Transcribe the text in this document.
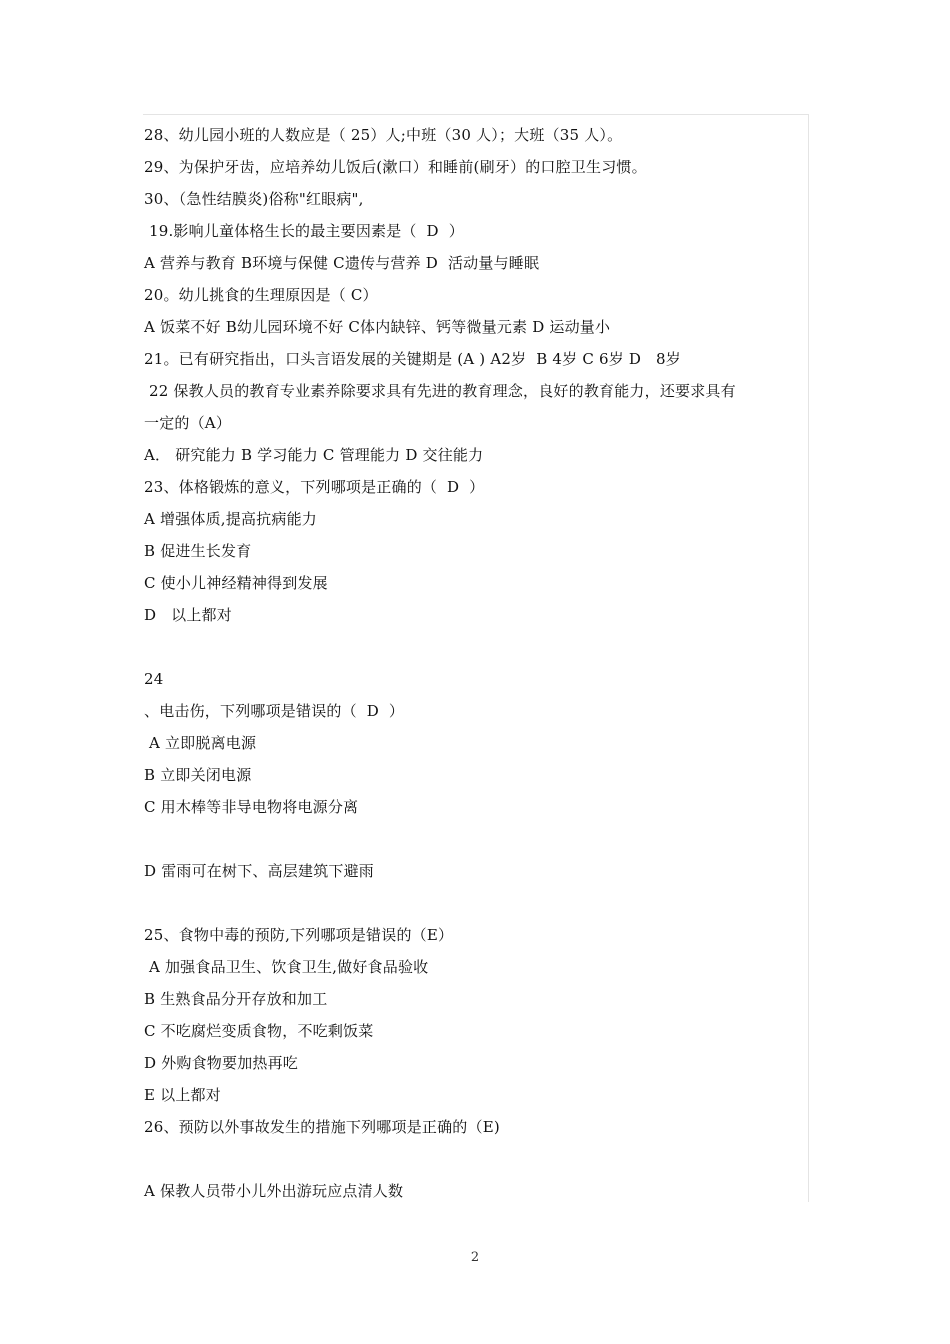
28、幼儿园小班的人数应是（ 25）人;中班（30 人）；大班（35 人）。
29、为保护牙齿，应培养幼儿饭后(漱口）和睡前(刷牙）的口腔卫生习惯。
30、（急性结膜炎)俗称"红眼病",
19.影响儿童体格生长的最主要因素是（  D  ）
A 营养与教育 B环境与保健 C遗传与营养 D  活动量与睡眠
20。幼儿挑食的生理原因是（ C）
A 饭菜不好 B幼儿园环境不好 C体内缺锌、钙等微量元素 D 运动量小
21。已有研究指出，口头言语发展的关键期是 (A ) A2岁  B 4岁 C 6岁 D   8岁
22 保教人员的教育专业素养除要求具有先进的教育理念，良好的教育能力，还要求具有
一定的（A）
A． 研究能力 B 学习能力 C 管理能力 D 交往能力
23、体格锻炼的意义，下列哪项是正确的（  D  ）
A 增强体质,提高抗病能力
B 促进生长发育
C 使小儿神经精神得到发展
D   以上都对
24
、电击伤，下列哪项是错误的（  D  ）
A 立即脱离电源
B 立即关闭电源
C 用木棒等非导电物将电源分离
D 雷雨可在树下、高层建筑下避雨
25、食物中毒的预防,下列哪项是错误的（E）
A 加强食品卫生、饮食卫生,做好食品验收
B 生熟食品分开存放和加工
C 不吃腐烂变质食物，不吃剩饭菜
D 外购食物要加热再吃
E 以上都对
26、预防以外事故发生的措施下列哪项是正确的（E)
A 保教人员带小儿外出游玩应点清人数
2
